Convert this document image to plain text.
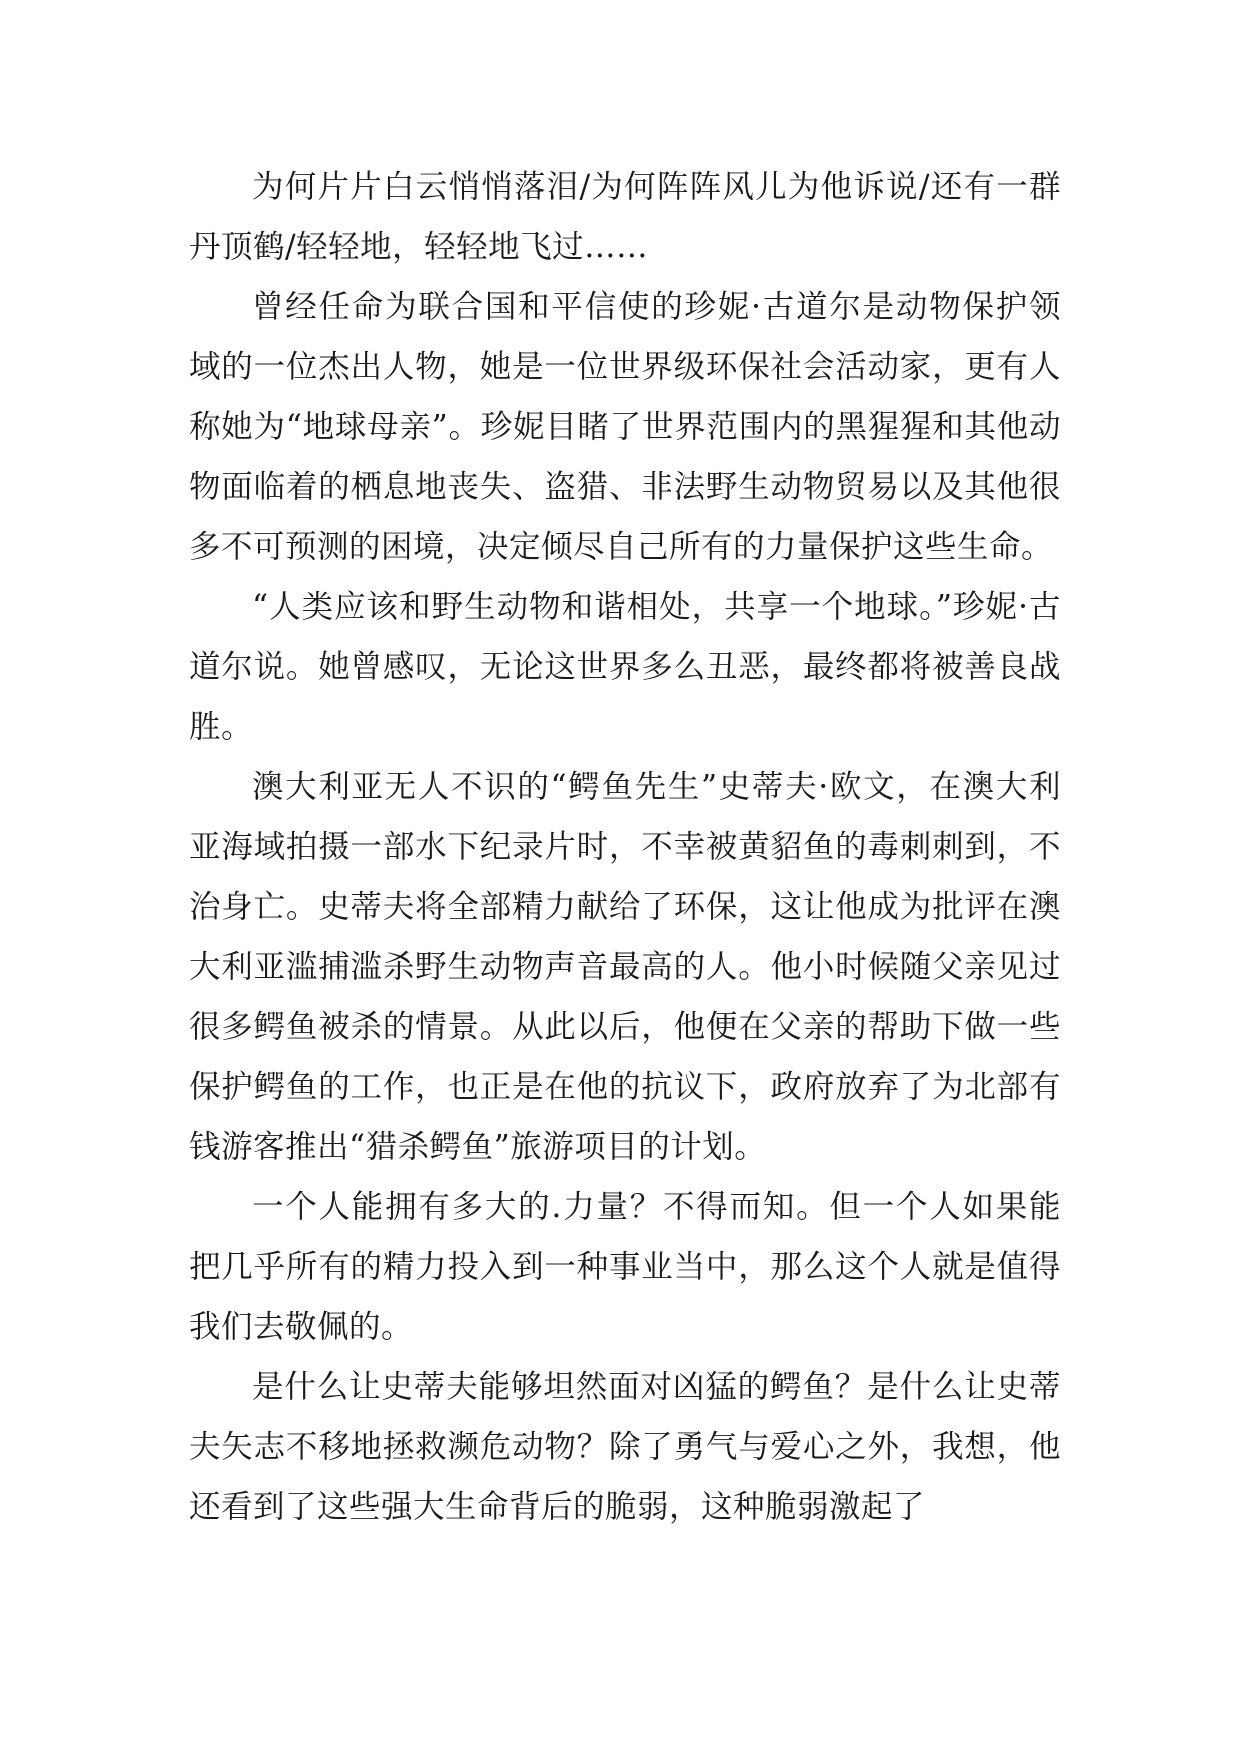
为何片片白云悄悄落泪/为何阵阵风儿为他诉说/还有一群丹顶鹤/轻轻地，轻轻地飞过……

曾经任命为联合国和平信使的珍妮·古道尔是动物保护领域的一位杰出人物，她是一位世界级环保社会活动家，更有人称她为“地球母亲”。珍妮目睹了世界范围内的黑猩猩和其他动物面临着的栖息地丧失、盗猎、非法野生动物贸易以及其他很多不可预测的困境，决定倾尽自己所有的力量保护这些生命。

“人类应该和野生动物和谐相处，共享一个地球。”珍妮·古道尔说。她曾感叹，无论这世界多么丑恶，最终都将被善良战胜。

澳大利亚无人不识的“鳄鱼先生”史蒂夫·欧文，在澳大利亚海域拍摄一部水下纪录片时，不幸被黄貂鱼的毒刺刺到，不治身亡。史蒂夫将全部精力献给了环保，这让他成为批评在澳大利亚滥捕滥杀野生动物声音最高的人。他小时候随父亲见过很多鳄鱼被杀的情景。从此以后，他便在父亲的帮助下做一些保护鳄鱼的工作，也正是在他的抗议下，政府放弃了为北部有钱游客推出“猎杀鳄鱼”旅游项目的计划。

一个人能拥有多大的.力量？不得而知。但一个人如果能把几乎所有的精力投入到一种事业当中，那么这个人就是值得我们去敬佩的。

是什么让史蒂夫能够坦然面对凶猛的鳄鱼？是什么让史蒂夫矢志不移地拯救濒危动物？除了勇气与爱心之外，我想，他还看到了这些强大生命背后的脆弱，这种脆弱激起了
